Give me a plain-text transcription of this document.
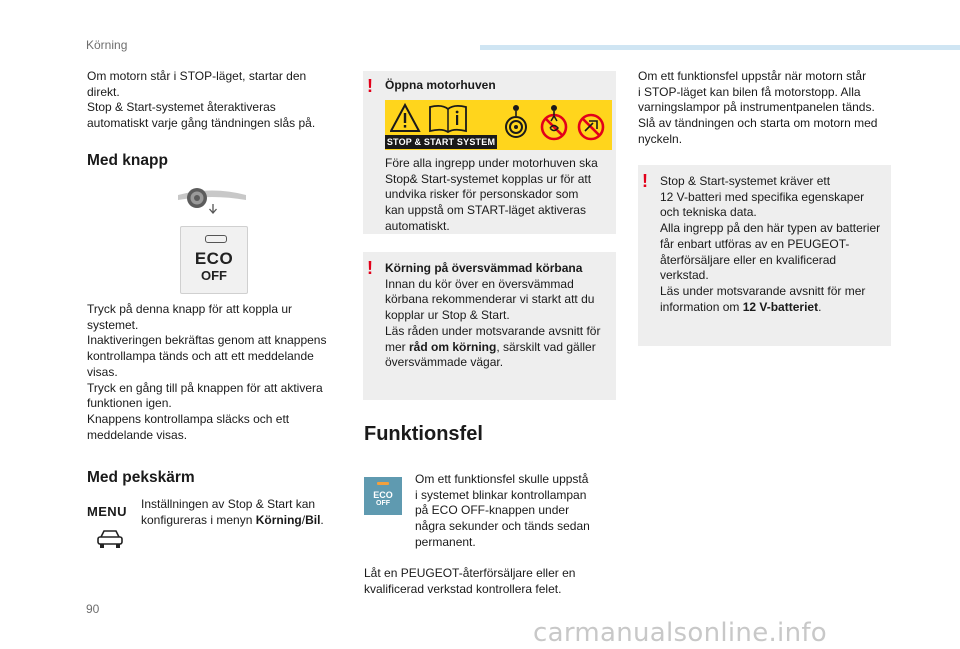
Körning

Om motorn står i STOP-läget, startar den

direkt.

Stop & Start-systemet återaktiveras

automatiskt varje gång tändningen slås på.

Med knapp
ECO
OFF

Tryck på denna knapp för att koppla ur

systemet.

Inaktiveringen bekräftas genom att knappens

kontrollampa tänds och att ett meddelande

visas.

Tryck en gång till på knappen för att aktivera

funktionen igen.

Knappens kontrollampa släcks och ett

meddelande visas.

Med pekskärm
MENU Inställningen av Stop & Start kan

konfigureras i menyn Körning/Bil.

! Öppna motorhuven
STOP & START SYSTEM

Före alla ingrepp under motorhuven ska

Stop& Start-systemet kopplas ur för att

undvika risker för personskador som

kan uppstå om START-läget aktiveras

automatiskt.

! Körning på översvämmad körbana

Innan du kör över en översvämmad

körbana rekommenderar vi starkt att du

kopplar ur Stop & Start.

Läs råden under motsvarande avsnitt för

mer råd om körning, särskilt vad gäller

översvämmade vägar.

Funktionsfel
ECO
OFF

Om ett funktionsfel skulle uppstå

i systemet blinkar kontrollampan

på ECO OFF-knappen under

några sekunder och tänds sedan

permanent.

Låt en PEUGEOT-återförsäljare eller en

kvalificerad verkstad kontrollera felet.

Om ett funktionsfel uppstår när motorn står

i STOP-läget kan bilen få motorstopp. Alla

varningslampor på instrumentpanelen tänds.

Slå av tändningen och starta om motorn med

nyckeln.

! Stop & Start-systemet kräver ett

12 V-batteri med specifika egenskaper

och tekniska data.

Alla ingrepp på den här typen av batterier

får enbart utföras av en PEUGEOT-

återförsäljare eller en kvalificerad

verkstad.

Läs under motsvarande avsnitt för mer

information om 12 V-batteriet.

90
carmanualsonline.info
